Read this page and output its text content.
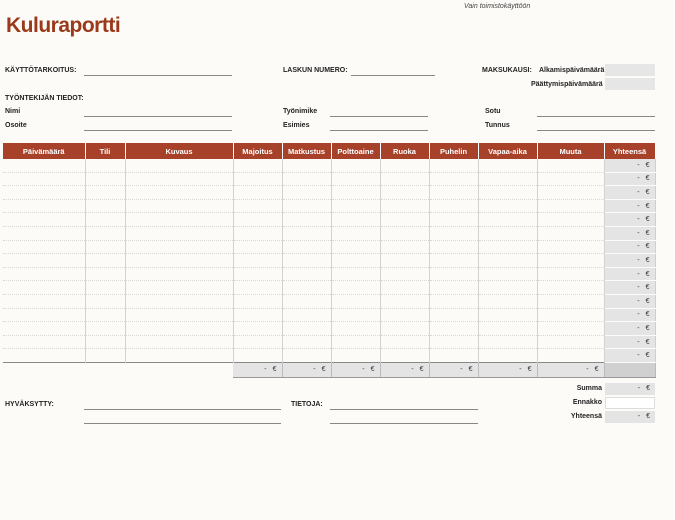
Vain toimistokäyttöön
Kuluraportti
KÄYTTÖTARKOITUS:	LASKUN NUMERO:	MAKSUKAUSI: Alkamispäivämäärä
Päättymispäivämäärä
TYÖNTEKIJÄN TIEDOT:
Nimi
Osoite
Työnimike
Esimies
Sotu
Tunnus
Päivämäärä	Tili	Kuvaus	Majoitus	Matkustus	Polttoaine	Ruoka	Puhelin	Vapaa-aika	Muuta	Yhteensä
										- €
										- €
										- €
										- €
										- €
										- €
										- €
										- €
										- €
										- €
										- €
										- €
										- €
										- €
										- €
			- €	- €	- €	- €	- €	- €	- €	
Summa	- €
Ennakko
Yhteensä	- €
HYVÄKSYTTY:	TIETOJA:
